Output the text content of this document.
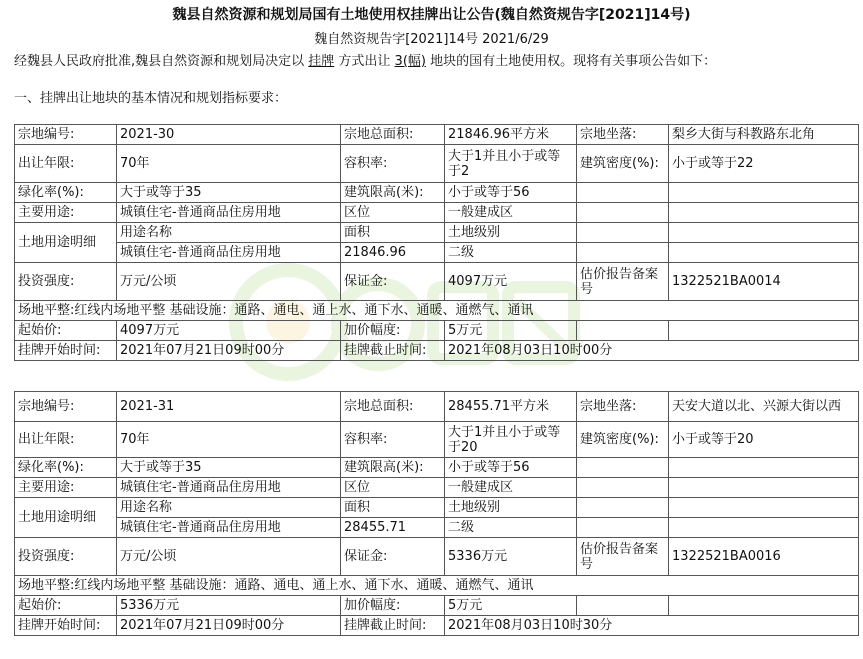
魏县自然资源和规划局国有土地使用权挂牌出让公告(魏自然资规告字[2021]14号)
魏自然资规告字[2021]14号 2021/6/29
经魏县人民政府批准,魏县自然资源和规划局决定以 挂牌 方式出让 3(幅) 地块的国有土地使用权。现将有关事项公告如下：
一、挂牌出让地块的基本情况和规划指标要求：
宗地编号:	2021-30	宗地总面积:	21846.96平方米	宗地坐落:	梨乡大街与科教路东北角
出让年限:	70年	容积率:	大于1并且小于或等于2	建筑密度(%):	小于或等于22
绿化率(%):	大于或等于35	建筑限高(米):	小于或等于56		
主要用途:	城镇住宅-普通商品住房用地	区位	一般建成区		
土地用途明细	用途名称	面积	土地级别		
	城镇住宅-普通商品住房用地	21846.96	二级		
投资强度:	万元/公顷	保证金:	4097万元	估价报告备案号	1322521BA0014
场地平整:红线内场地平整 基础设施：通路、通电、通上水、通下水、通暖、通燃气、通讯					
起始价:	4097万元	加价幅度:	5万元		
挂牌开始时间:	2021年07月21日09时00分	挂牌截止时间:	2021年08月03日10时00分		
宗地编号:	2021-31	宗地总面积:	28455.71平方米	宗地坐落:	天安大道以北、兴源大街以西
出让年限:	70年	容积率:	大于1并且小于或等于20	建筑密度(%):	小于或等于20
绿化率(%):	大于或等于35	建筑限高(米):	小于或等于56		
主要用途:	城镇住宅-普通商品住房用地	区位	一般建成区		
土地用途明细	用途名称	面积	土地级别		
	城镇住宅-普通商品住房用地	28455.71	二级		
投资强度:	万元/公顷	保证金:	5336万元	估价报告备案号	1322521BA0016
场地平整:红线内场地平整 基础设施：通路、通电、通上水、通下水、通暖、通燃气、通讯					
起始价:	5336万元	加价幅度:	5万元		
挂牌开始时间:	2021年07月21日09时00分	挂牌截止时间:	2021年08月03日10时30分		
